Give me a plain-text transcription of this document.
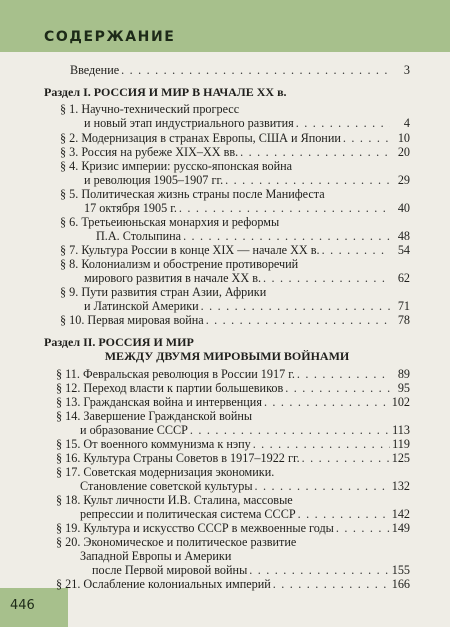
СОДЕРЖАНИЕ
446
Введение . . .	3
Раздел I. РОССИЯ И МИР В НАЧАЛЕ XX в.
§ 1. Научно-технический прогресс
и новый этап индустриального развития . . .	4
§ 2. Модернизация в странах Европы, США и Японии . . .	10
§ 3. Россия на рубеже XIX–XX вв. . . .	20
§ 4. Кризис империи: русско-японская война
и революция 1905–1907 гг. . . .	29
§ 5. Политическая жизнь страны после Манифеста
17 октября 1905 г. . . .	40
§ 6. Третьеиюньская монархия и реформы
П.А. Столыпина . . .	48
§ 7. Культура России в конце XIX — начале XX в. . . .	54
§ 8. Колониализм и обострение противоречий
мирового развития в начале XX в. . . .	62
§ 9. Пути развития стран Азии, Африки
и Латинской Америки . . .	71
§ 10. Первая мировая война . . .	78
Раздел II. РОССИЯ И МИР
МЕЖДУ ДВУМЯ МИРОВЫМИ ВОЙНАМИ
§ 11. Февральская революция в России 1917 г. . . .	89
§ 12. Переход власти к партии большевиков . . .	95
§ 13. Гражданская война и интервенция . . .	102
§ 14. Завершение Гражданской войны
и образование СССР . . .	113
§ 15. От военного коммунизма к нэпу . . .	119
§ 16. Культура Страны Советов в 1917–1922 гг. . . .	125
§ 17. Советская модернизация экономики.
Становление советской культуры . . .	132
§ 18. Культ личности И.В. Сталина, массовые
репрессии и политическая система СССР . . .	142
§ 19. Культура и искусство СССР в межвоенные годы . . .	149
§ 20. Экономическое и политическое развитие
Западной Европы и Америки
после Первой мировой войны . . .	155
§ 21. Ослабление колониальных империй . . .	166
